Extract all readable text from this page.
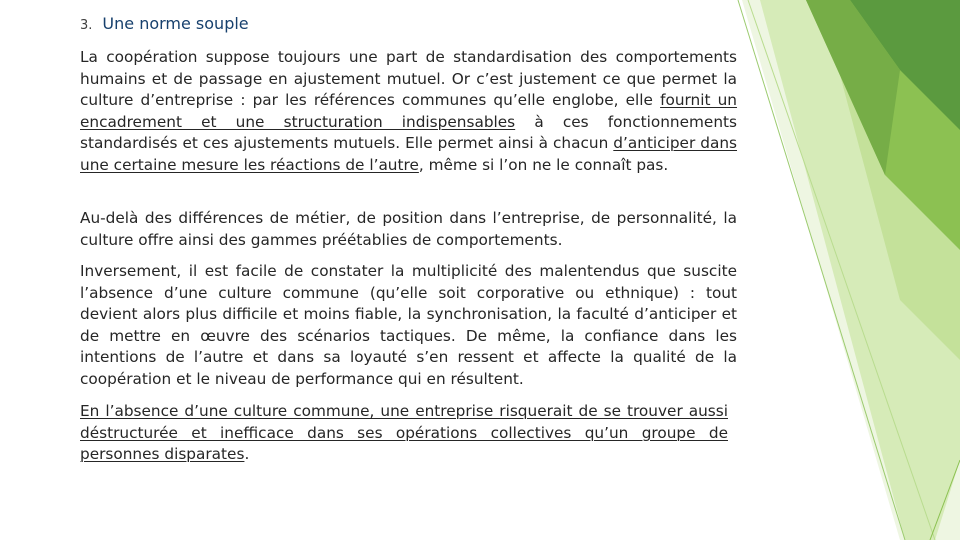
3. Une norme souple

La coopération suppose toujours une part de standardisation des comportements humains et de passage en ajustement mutuel. Or c’est justement ce que permet la culture d’entreprise : par les références communes qu’elle englobe, elle fournit un encadrement et une structuration indispensables à ces fonctionnements standardisés et ces ajustements mutuels. Elle permet ainsi à chacun d’anticiper dans une certaine mesure les réactions de l’autre, même si l’on ne le connaît pas.

Au-delà des différences de métier, de position dans l’entreprise, de personnalité, la culture offre ainsi des gammes préétablies de comportements.

Inversement, il est facile de constater la multiplicité des malentendus que suscite l’absence d’une culture commune (qu’elle soit corporative ou ethnique) : tout devient alors plus difficile et moins fiable, la synchronisation, la faculté d’anticiper et de mettre en œuvre des scénarios tactiques. De même, la confiance dans les intentions de l’autre et dans sa loyauté s’en ressent et affecte la qualité de la coopération et le niveau de performance qui en résultent.

En l’absence d’une culture commune, une entreprise risquerait de se trouver aussi déstructurée et inefficace dans ses opérations collectives qu’un groupe de personnes disparates.
